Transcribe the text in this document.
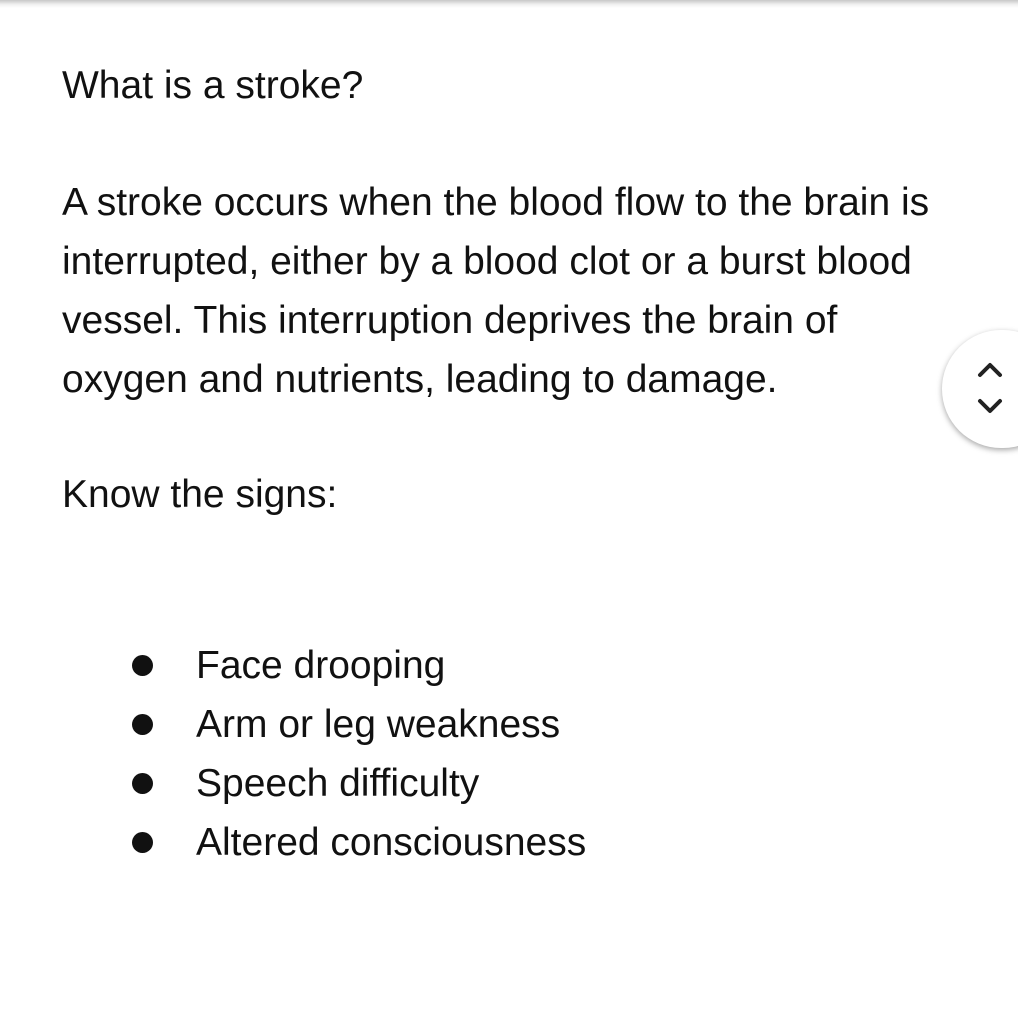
What is a stroke?

A stroke occurs when the blood flow to the brain is interrupted, either by a blood clot or a burst blood vessel. This interruption deprives the brain of oxygen and nutrients, leading to damage.

Know the signs:

Face drooping
Arm or leg weakness
Speech difficulty
Altered consciousness
